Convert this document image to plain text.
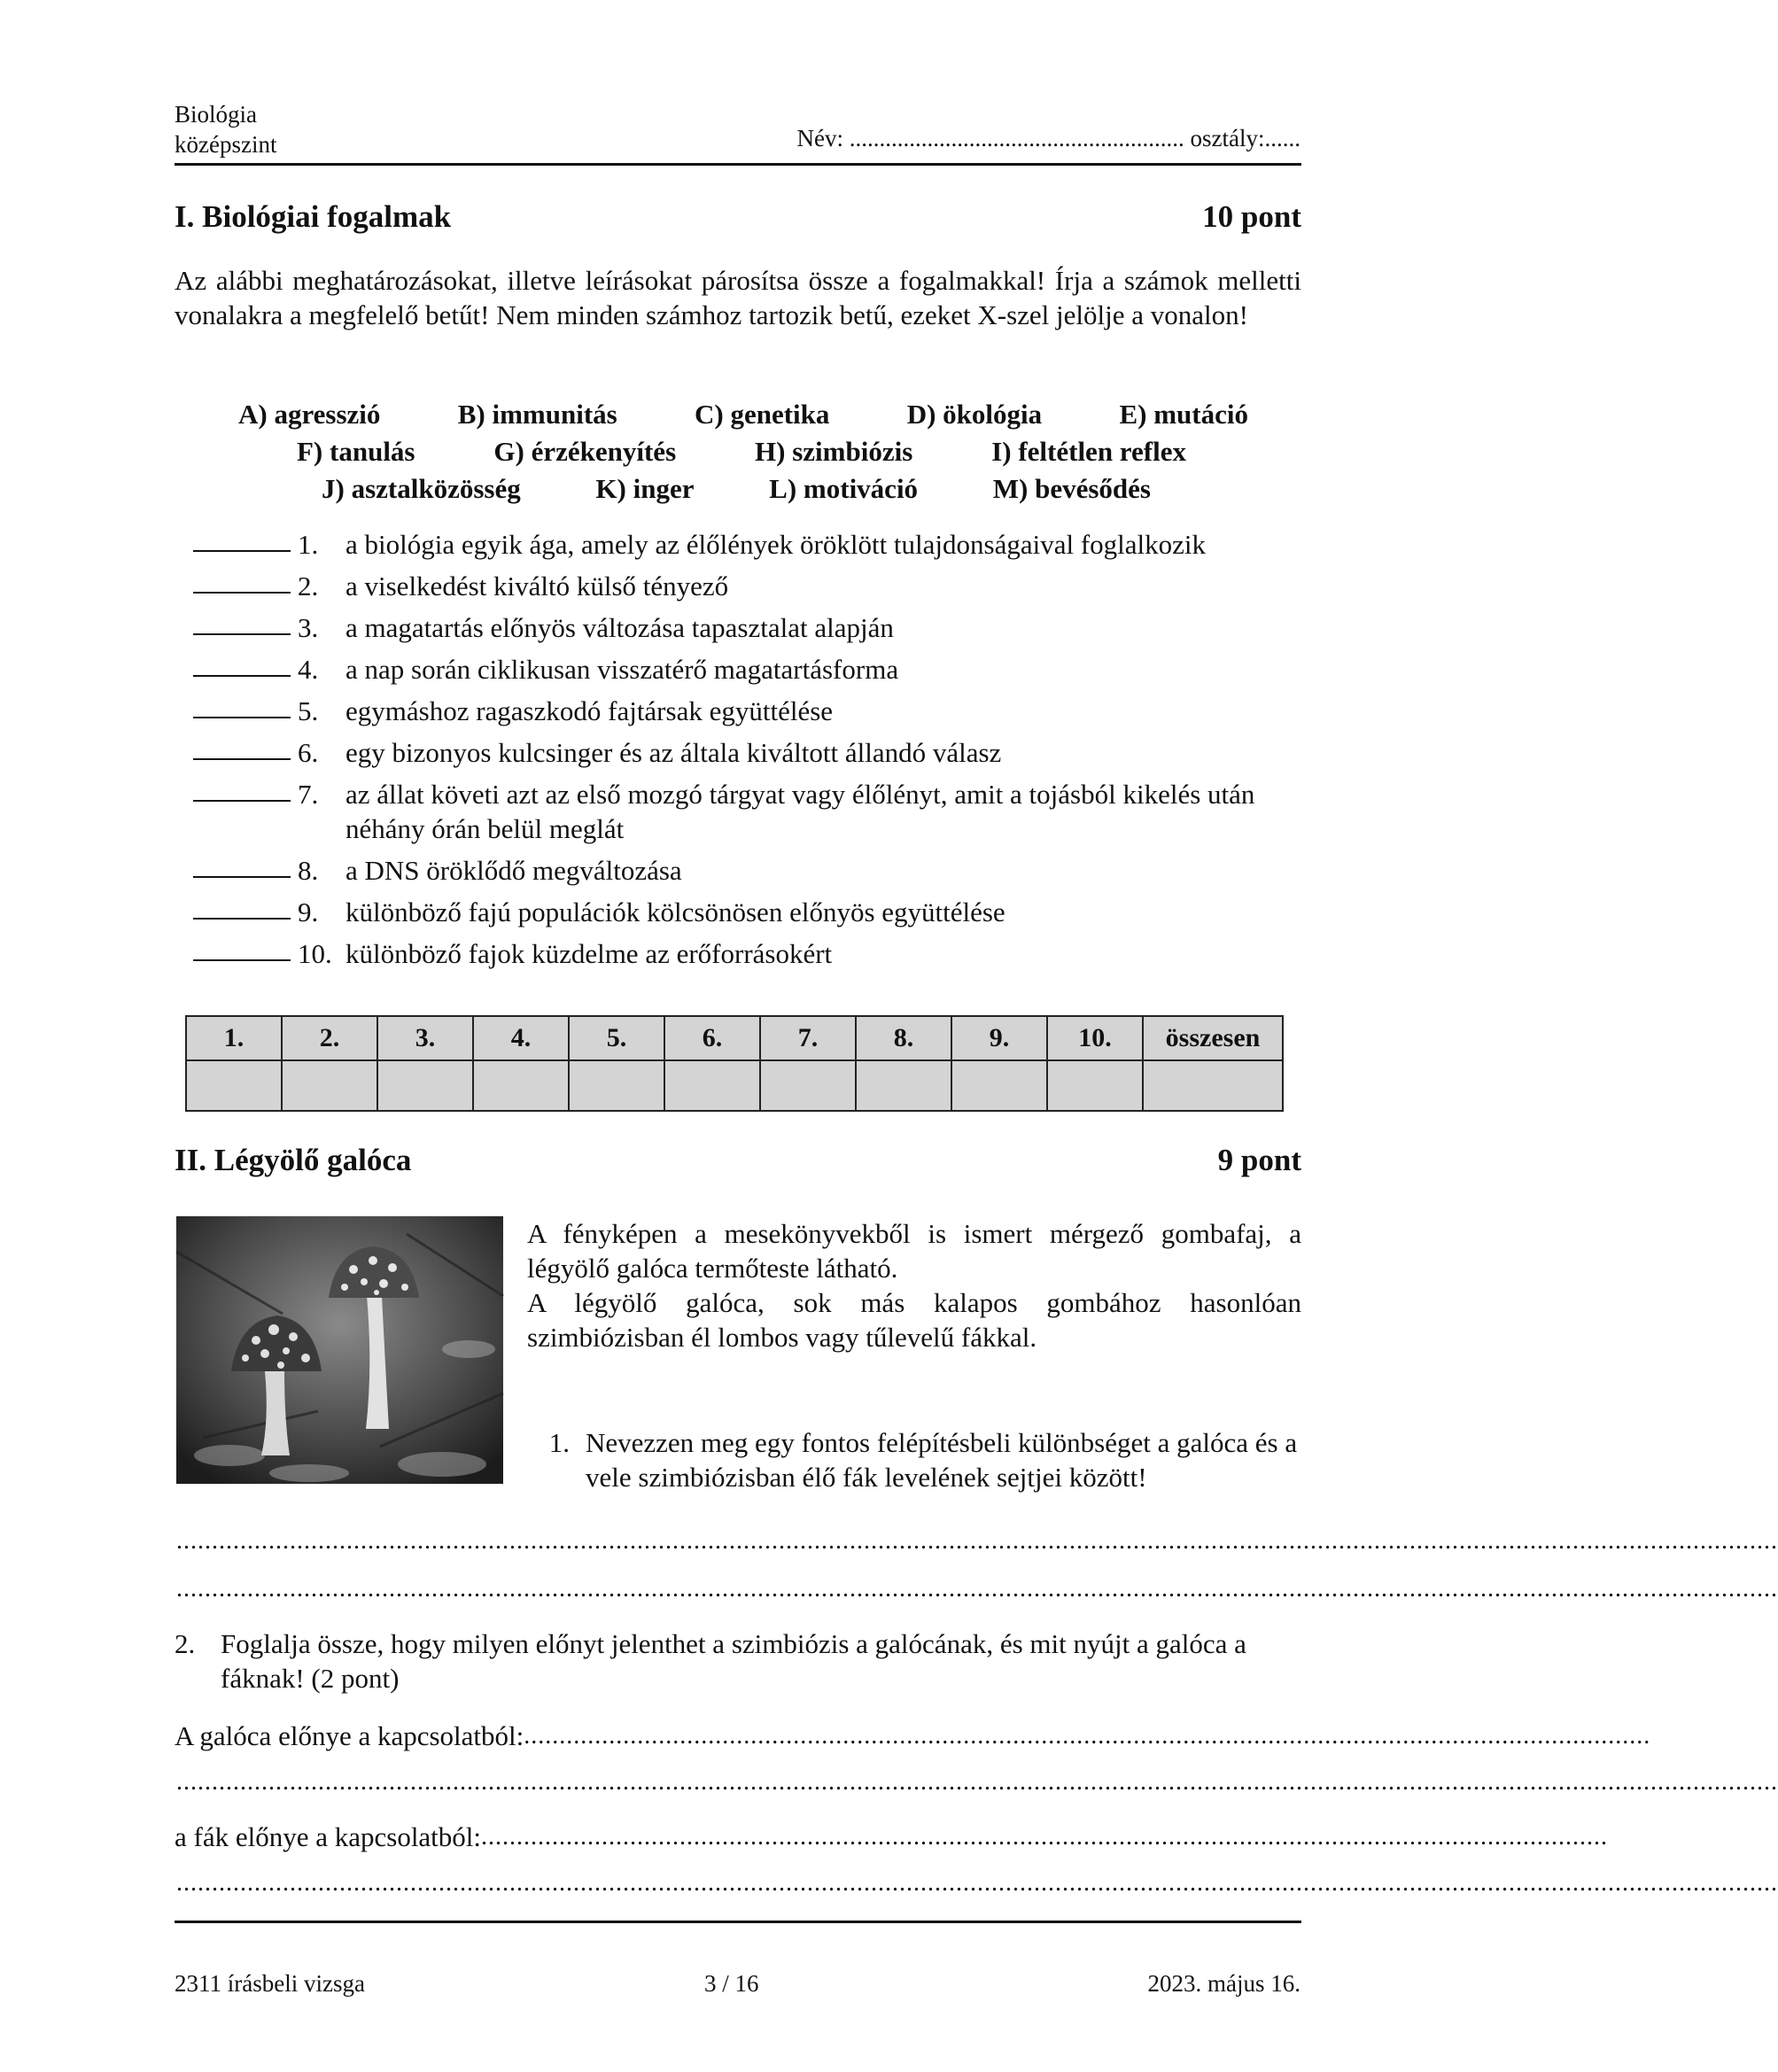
Biológia
középszint	Név: ........................................................ osztály:......
I. Biológiai fogalmak	10 pont
Az alábbi meghatározásokat, illetve leírásokat párosítsa össze a fogalmakkal! Írja a számok melletti vonalakra a megfelelő betűt! Nem minden számhoz tartozik betű, ezeket X-szel jelölje a vonalon!
A) agresszió	B) immunitás	C) genetika	D) ökológia	E) mutáció
F) tanulás	G) érzékenyítés	H) szimbiózis	I) feltétlen reflex
J) asztalközösség	K) inger	L) motiváció	M) bevésődés
1. a biológia egyik ága, amely az élőlények öröklött tulajdonságaival foglalkozik
2. a viselkedést kiváltó külső tényező
3. a magatartás előnyös változása tapasztalat alapján
4. a nap során ciklikusan visszatérő magatartásforma
5. egymáshoz ragaszkodó fajtársak együttélése
6. egy bizonyos kulcsinger és az általa kiváltott állandó válasz
7. az állat követi azt az első mozgó tárgyat vagy élőlényt, amit a tojásból kikelés után néhány órán belül meglát
8. a DNS öröklődő megváltozása
9. különböző fajú populációk kölcsönösen előnyös együttélése
10. különböző fajok küzdelme az erőforrásokért
1.	2.	3.	4.	5.	6.	7.	8.	9.	10.	összesen

II. Légyölő galóca	9 pont
A fényképen a mesekönyvekből is ismert mérgező gombafaj, a légyölő galóca termőteste látható.
A légyölő galóca, sok más kalapos gombához hasonlóan szimbiózisban él lombos vagy tűlevelű fákkal.
1. Nevezzen meg egy fontos felépítésbeli különbséget a galóca és a vele szimbiózisban élő fák levelének sejtjei között!
..................................................................................................................................................................................................................................
..................................................................................................................................................................................................................................
2. Foglalja össze, hogy milyen előnyt jelenthet a szimbiózis a galócának, és mit nyújt a galóca a fáknak! (2 pont)
A galóca előnye a kapcsolatból: ...............................................................................................................................................................
..................................................................................................................................................................................................................................
a fák előnye a kapcsolatból: ...............................................................................................................................................................
..................................................................................................................................................................................................................................
2311 írásbeli vizsga	3 / 16	2023. május 16.
